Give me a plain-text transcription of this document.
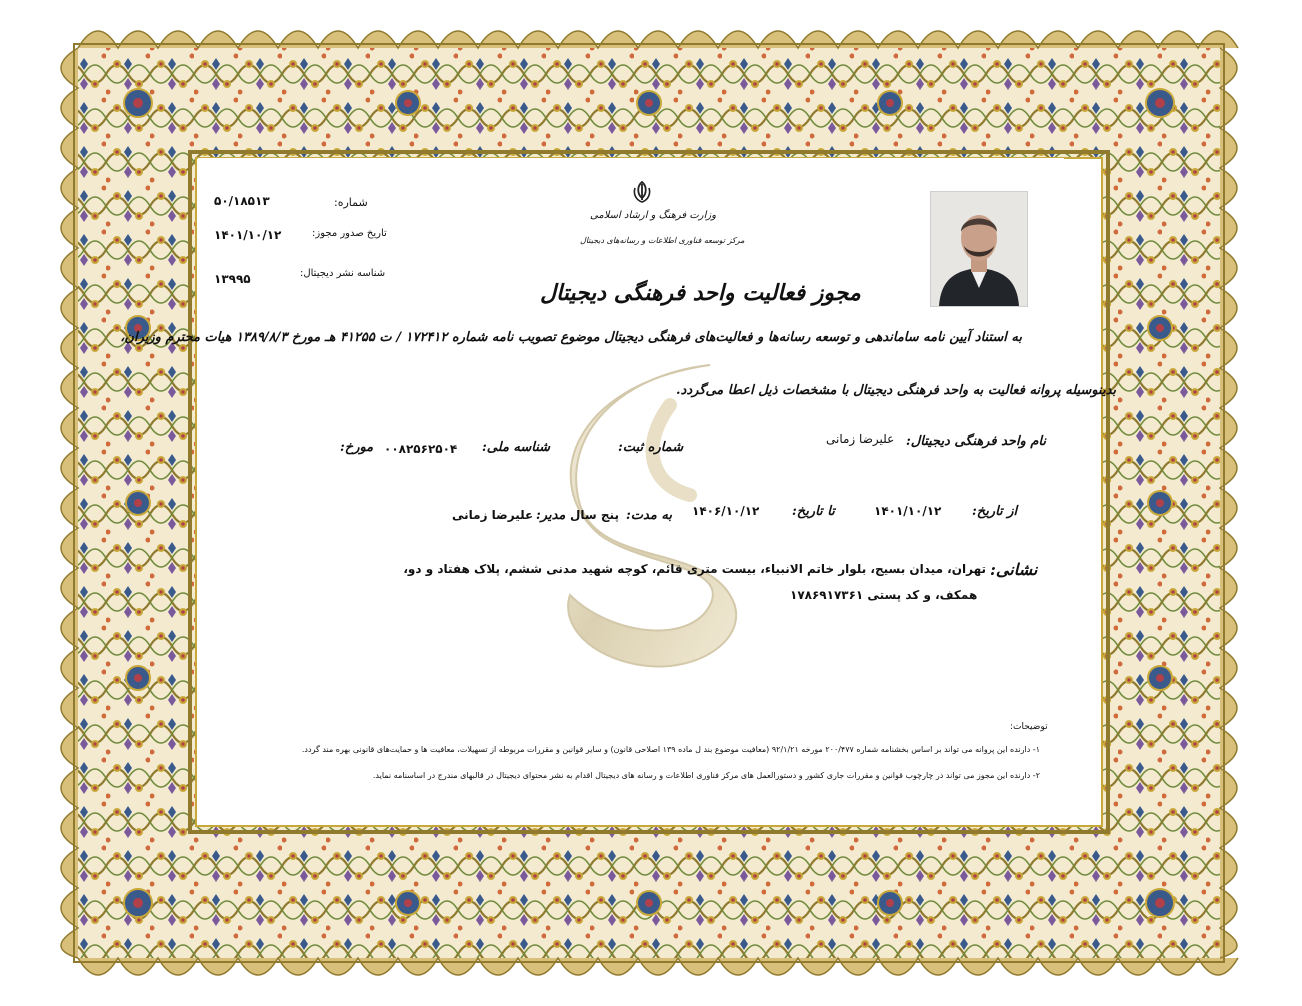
وزارت فرهنگ و ارشاد اسلامی
مرکز توسعه فناوری اطلاعات و رسانه‌های دیجیتال
شماره:
۵۰/۱۸۵۱۳
تاریخ صدور مجوز:
۱۴۰۱/۱۰/۱۲
شناسه نشر دیجیتال:
۱۳۹۹۵
مجوز فعالیت واحد فرهنگی دیجیتال
به استناد آیین نامه ساماندهی و توسعه رسانه‌ها و فعالیت‌های فرهنگی دیجیتال موضوع تصویب نامه شماره ۱۷۲۴۱۲ / ت ۴۱۲۵۵ هـ مورخ ۱۳۸۹/۸/۳ هیات محترم وزیران،
بدینوسیله پروانه فعالیت به واحد فرهنگی دیجیتال با مشخصات ذیل اعطا می‌گردد.
نام واحد فرهنگی دیجیتال:
علیرضا زمانی
شماره ثبت:
شناسه ملی:
۰۰۸۲۵۶۲۵۰۴
مورخ:
از تاریخ:
۱۴۰۱/۱۰/۱۲
تا تاریخ:
۱۴۰۶/۱۰/۱۲
به مدت:
پنج سال
مدیر:
علیرضا زمانی
نشانی:
تهران، میدان بسیج، بلوار خاتم الانبیاء، بیست متری قائم، کوچه شهید مدنی ششم، پلاک هفتاد و دو،
همکف، و کد پستی ۱۷۸۶۹۱۷۳۶۱
توضیحات:
۱- دارنده این پروانه می تواند بر اساس بخشنامه شماره ۲۰۰/۴۷۷ مورخه ۹۲/۱/۲۱ (معافیت موضوع بند ل ماده ۱۳۹ اصلاحی قانون) و سایر قوانین و مقررات مربوطه از تسهیلات، معافیت ها و حمایت‌های قانونی بهره مند گردد.
۲- دارنده این مجوز می تواند در چارچوب قوانین و مقررات جاری کشور و دستورالعمل های مرکز فناوری اطلاعات و رسانه های دیجیتال اقدام به نشر محتوای دیجیتال در قالبهای مندرج در اساسنامه نماید.
